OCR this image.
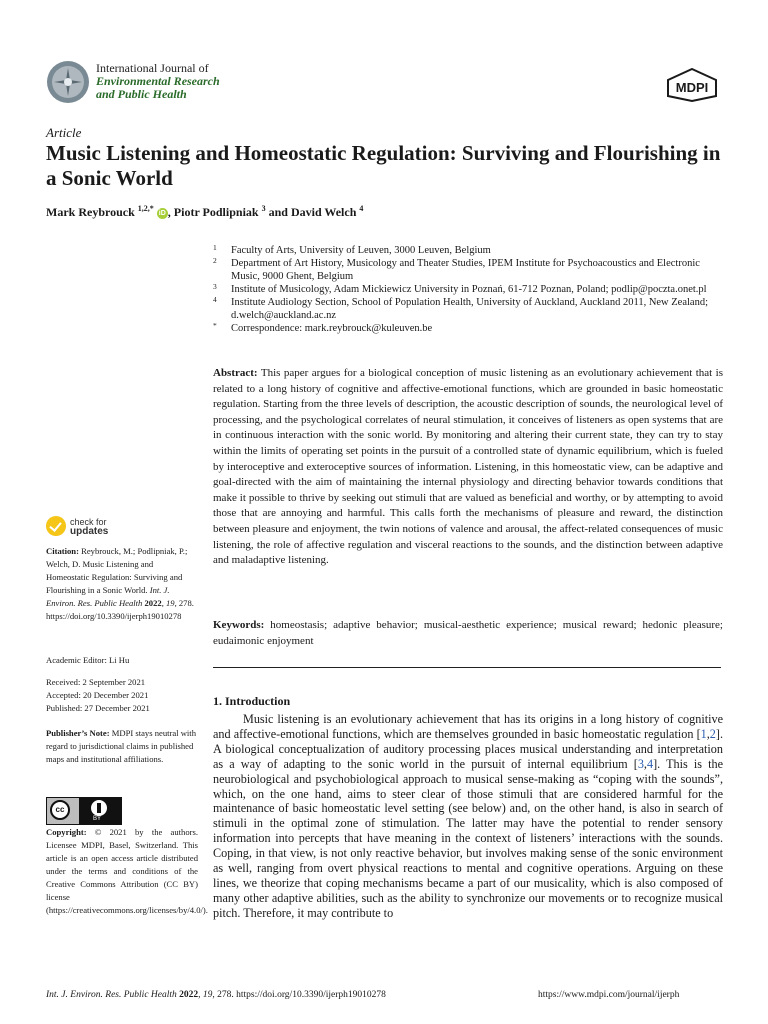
International Journal of
Environmental Research
and Public Health	MDPI
Article
Music Listening and Homeostatic Regulation: Surviving and Flourishing in a Sonic World
Mark Reybrouck $^{1,2,*}$ iD , Piotr Podlipniak $^3$ and David Welch $^4$
1 Faculty of Arts, University of Leuven, 3000 Leuven, Belgium
2 Department of Art History, Musicology and Theater Studies, IPEM Institute for Psychoacoustics and Electronic Music, 9000 Ghent, Belgium
3 Institute of Musicology, Adam Mickiewicz University in Poznań, 61-712 Poznan, Poland; podlip@poczta.onet.pl
4 Institute Audiology Section, School of Population Health, University of Auckland, Auckland 2011, New Zealand; d.welch@auckland.ac.nz
* Correspondence: mark.reybrouck@kuleuven.be
Abstract: This paper argues for a biological conception of music listening as an evolutionary achievement that is related to a long history of cognitive and affective-emotional functions, which are grounded in basic homeostatic regulation. Starting from the three levels of description, the acoustic description of sounds, the neurological level of processing, and the psychological correlates of neural stimulation, it conceives of listeners as open systems that are in continuous interaction with the sonic world. By monitoring and altering their current state, they can try to stay within the limits of operating set points in the pursuit of a controlled state of dynamic equilibrium, which is fueled by interoceptive and exteroceptive sources of information. Listening, in this homeostatic view, can be adaptive and goal-directed with the aim of maintaining the internal physiology and directing behavior towards conditions that make it possible to thrive by seeking out stimuli that are valued as beneficial and worthy, or by attempting to avoid those that are annoying and harmful. This calls forth the mechanisms of pleasure and reward, the distinction between pleasure and enjoyment, the twin notions of valence and arousal, the affect-related consequences of music listening, the role of affective regulation and visceral reactions to the sounds, and the distinction between adaptive and maladaptive listening.
Keywords: homeostasis; adaptive behavior; musical-aesthetic experience; musical reward; hedonic pleasure; eudaimonic enjoyment
1. Introduction
Music listening is an evolutionary achievement that has its origins in a long history of cognitive and affective-emotional functions, which are themselves grounded in basic homeostatic regulation [1,2]. A biological conceptualization of auditory processing places musical understanding and interpretation as a way of adapting to the sonic world in the pursuit of internal equilibrium [3,4]. This is the neurobiological and psychobiological approach to musical sense-making as “coping with the sounds”, which, on the one hand, aims to steer clear of those stimuli that are considered harmful for the maintenance of basic homeostatic level setting (see below) and, on the other hand, is also in search of stimuli in the optimal zone of stimulation. The latter may have the potential to render sensory information into percepts that have meaning in the context of listeners’ interactions with the sounds. Coping, in that view, is not only reactive behavior, but involves making sense of the sonic environment as well, ranging from overt physical reactions to mental and cognitive operations. Arguing on these lines, we theorize that coping mechanisms became a part of our musicality, which is also composed of many other adaptive abilities, such as the ability to synchronize our movements or to recognize musical pitch. Therefore, it may contribute to
check for
updates
Citation: Reybrouck, M.; Podlipniak, P.; Welch, D. Music Listening and Homeostatic Regulation: Surviving and Flourishing in a Sonic World. Int. J. Environ. Res. Public Health 2022, 19, 278. https://doi.org/10.3390/ijerph19010278
Academic Editor: Li Hu
Received: 2 September 2021
Accepted: 20 December 2021
Published: 27 December 2021
Publisher’s Note: MDPI stays neutral with regard to jurisdictional claims in published maps and institutional affiliations.
cc
BY
Copyright: © 2021 by the authors. Licensee MDPI, Basel, Switzerland. This article is an open access article distributed under the terms and conditions of the Creative Commons Attribution (CC BY) license (https://creativecommons.org/licenses/by/4.0/).
Int. J. Environ. Res. Public Health 2022, 19, 278. https://doi.org/10.3390/ijerph19010278	https://www.mdpi.com/journal/ijerph
